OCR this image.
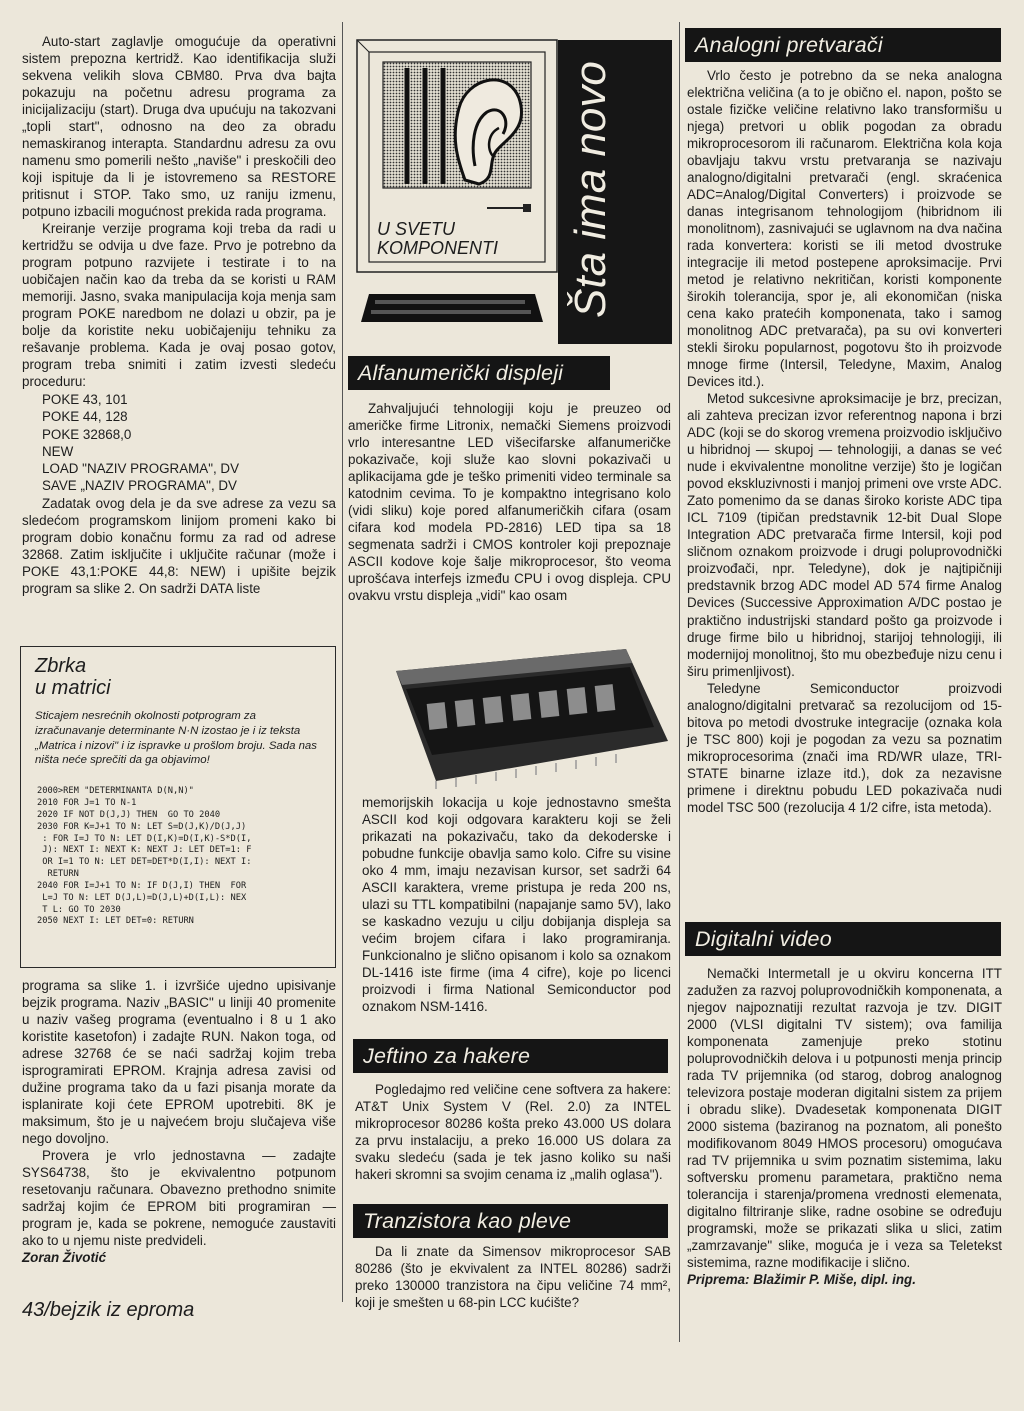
Auto-start zaglavlje omogućuje da operativni sistem prepozna kertridž. Kao identifikacija služi sekvena velikih slova CBM80. Prva dva bajta pokazuju na početnu adresu programa za inicijalizaciju (start). Druga dva upućuju na takozvani „topli start", odnosno na deo za obradu nemaskiranog interapta. Standardnu adresu za ovu namenu smo pomerili nešto „naviše" i preskočili deo koji ispituje da li je istovremeno sa RESTORE pritisnut i STOP. Tako smo, uz raniju izmenu, potpuno izbacili mogućnost prekida rada programa.

Kreiranje verzije programa koji treba da radi u kertridžu se odvija u dve faze. Prvo je potrebno da program potpuno razvijete i testirate i to na uobičajen način kao da treba da se koristi u RAM memoriji. Jasno, svaka manipulacija koja menja sam program POKE naredbom ne dolazi u obzir, pa je bolje da koristite neku uobičajeniju tehniku za rešavanje problema. Kada je ovaj posao gotov, program treba snimiti i zatim izvesti sledeću proceduru:

POKE 43, 101
POKE 44, 128
POKE 32868,0
NEW
LOAD "NAZIV PROGRAMA", DV
SAVE „NAZIV PROGRAMA", DV

Zadatak ovog dela je da sve adrese za vezu sa sledećom programskom linijom promeni kako bi program dobio konačnu formu za rad od adrese 32868. Zatim isključite i uključite računar (može i POKE 43,1:POKE 44,8: NEW) i upišite bejzik program sa slike 2. On sadrži DATA liste

Zbrka
u matrici
Sticajem nesrećnih okolnosti potprogram za izračunavanje determinante N·N izostao je i iz teksta „Matrica i nizovi" i iz ispravke u prošlom broju. Sada nas ništa neće sprečiti da ga objavimo!
2000>REM "DETERMINANTA D(N,N)"
2010 FOR J=1 TO N-1
2020 IF NOT D(J,J) THEN  GO TO 2040
2030 FOR K=J+1 TO N: LET S=D(J,K)/D(J,J)
: FOR I=J TO N: LET D(I,K)=D(I,K)-S*D(I,
J): NEXT I: NEXT K: NEXT J: LET DET=1: F
OR I=1 TO N: LET DET=DET*D(I,I): NEXT I:
RETURN
2040 FOR I=J+1 TO N: IF D(J,I) THEN  FOR
L=J TO N: LET D(J,L)=D(J,L)+D(I,L): NEX
T L: GO TO 2030
2050 NEXT I: LET DET=0: RETURN

programa sa slike 1. i izvršiće ujedno upisivanje bejzik programa. Naziv „BASIC" u liniji 40 promenite u naziv vašeg programa (eventualno i 8 u 1 ako koristite kasetofon) i zadajte RUN. Nakon toga, od adrese 32768 će se naći sadržaj kojim treba isprogramirati EPROM. Krajnja adresa zavisi od dužine programa tako da u fazi pisanja morate da isplanirate koji ćete EPROM upotrebiti. 8K je maksimum, što je u najvećem broju slučajeva više nego dovoljno.

Provera je vrlo jednostavna — zadajte SYS64738, što je ekvivalentno potpunom resetovanju računara. Obavezno prethodno snimite sadržaj kojim će EPROM biti programiran — program je, kada se pokrene, nemoguće zaustaviti ako to u njemu niste predvideli.

Zoran Životić

43/bejzik iz eproma
U SVETU
KOMPONENTI Šta ima novo
Alfanumerički displeji

Zahvaljujući tehnologiji koju je preuzeo od američke firme Litronix, nemački Siemens proizvodi vrlo interesantne LED višecifarske alfanumeričke pokazivače, koji služe kao slovni pokazivači u aplikacijama gde je teško primeniti video terminale sa katodnim cevima. To je kompaktno integrisano kolo (vidi sliku) koje pored alfanumeričkih cifara (osam cifara kod modela PD-2816) LED tipa sa 18 segmenata sadrži i CMOS kontroler koji prepoznaje ASCII kodove koje šalje mikroprocesor, što veoma uprošćava interfejs između CPU i ovog displeja. CPU ovakvu vrstu displeja „vidi" kao osam

memorijskih lokacija u koje jednostavno smešta ASCII kod koji odgovara karakteru koji se želi prikazati na pokazivaču, tako da dekoderske i pobudne funkcije obavlja samo kolo. Cifre su visine oko 4 mm, imaju nezavisan kursor, set sadrži 64 ASCII karaktera, vreme pristupa je reda 200 ns, ulazi su TTL kompatibilni (napajanje samo 5V), lako se kaskadno vezuju u cilju dobijanja displeja sa većim brojem cifara i lako programiranja. Funkcionalno je slično opisanom i kolo sa oznakom DL-1416 iste firme (ima 4 cifre), koje po licenci proizvodi i firma National Semiconductor pod oznakom NSM-1416.

Jeftino za hakere

Pogledajmo red veličine cene softvera za hakere: AT&T Unix System V (Rel. 2.0) za INTEL mikroprocesor 80286 košta preko 43.000 US dolara za prvu instalaciju, a preko 16.000 US dolara za svaku sledeću (sada je tek jasno koliko su naši hakeri skromni sa svojim cenama iz „malih oglasa").

Tranzistora kao pleve

Da li znate da Simensov mikroprocesor SAB 80286 (što je ekvivalent za INTEL 80286) sadrži preko 130000 tranzistora na čipu veličine 74 mm², koji je smešten u 68-pin LCC kućište?

Analogni pretvarači

Vrlo često je potrebno da se neka analogna električna veličina (a to je obično el. napon, pošto se ostale fizičke veličine relativno lako transformišu u njega) pretvori u oblik pogodan za obradu mikroprocesorom ili računarom. Električna kola koja obavljaju takvu vrstu pretvaranja se nazivaju analogno/digitalni pretvarači (engl. skraćenica ADC=Analog/Digital Converters) i proizvode se danas integrisanom tehnologijom (hibridnom ili monolitnom), zasnivajući se uglavnom na dva načina rada konvertera: koristi se ili metod dvostruke integracije ili metod postepene aproksimacije. Prvi metod je relativno nekritičan, koristi komponente širokih tolerancija, spor je, ali ekonomičan (niska cena kako pratećih komponenata, tako i samog monolitnog ADC pretvarača), pa su ovi konverteri stekli široku popularnost, pogotovu što ih proizvode mnoge firme (Intersil, Teledyne, Maxim, Analog Devices itd.).

Metod sukcesivne aproksimacije je brz, precizan, ali zahteva precizan izvor referentnog napona i brzi ADC (koji se do skorog vremena proizvodio isključivo u hibridnoj — skupoj — tehnologiji, a danas se već nude i ekvivalentne monolitne verzije) što je logičan povod ekskluzivnosti i manjoj primeni ove vrste ADC. Zato pomenimo da se danas široko koriste ADC tipa ICL 7109 (tipičan predstavnik 12-bit Dual Slope Integration ADC pretvarača firme Intersil, koji pod sličnom oznakom proizvode i drugi poluprovodnički proizvođači, npr. Teledyne), dok je najtipičniji predstavnik brzog ADC model AD 574 firme Analog Devices (Successive Approximation A/DC postao je praktično industrijski standard pošto ga proizvode i druge firme bilo u hibridnoj, starijoj tehnologiji, ili modernijoj monolitnoj, što mu obezbeđuje nizu cenu i širu primenljivost).

Teledyne Semiconductor proizvodi analogno/digitalni pretvarač sa rezolucijom od 15-bitova po metodi dvostruke integracije (oznaka kola je TSC 800) koji je pogodan za vezu sa poznatim mikroprocesorima (znači ima RD/WR ulaze, TRI-STATE binarne izlaze itd.), dok za nezavisne primene i direktnu pobudu LED pokazivača nudi model TSC 500 (rezolucija 4 1/2 cifre, ista metoda).

Digitalni video

Nemački Intermetall je u okviru koncerna ITT zadužen za razvoj poluprovodničkih komponenata, a njegov najpoznatiji rezultat razvoja je tzv. DIGIT 2000 (VLSI digitalni TV sistem); ova familija komponenata zamenjuje preko stotinu poluprovodničkih delova i u potpunosti menja princip rada TV prijemnika (od starog, dobrog analognog televizora postaje moderan digitalni sistem za prijem i obradu slike). Dvadesetak komponenata DIGIT 2000 sistema (baziranog na poznatom, ali ponešto modifikovanom 8049 HMOS procesoru) omogućava rad TV prijemnika u svim poznatim sistemima, laku softversku promenu parametara, praktično nema tolerancija i starenja/promena vrednosti elemenata, digitalno filtriranje slike, radne osobine se određuju programski, može se prikazati slika u slici, zatim „zamrzavanje" slike, moguća je i veza sa Teletekst sistemima, razne modifikacije i slično.

Priprema: Blažimir P. Miše, dipl. ing.
